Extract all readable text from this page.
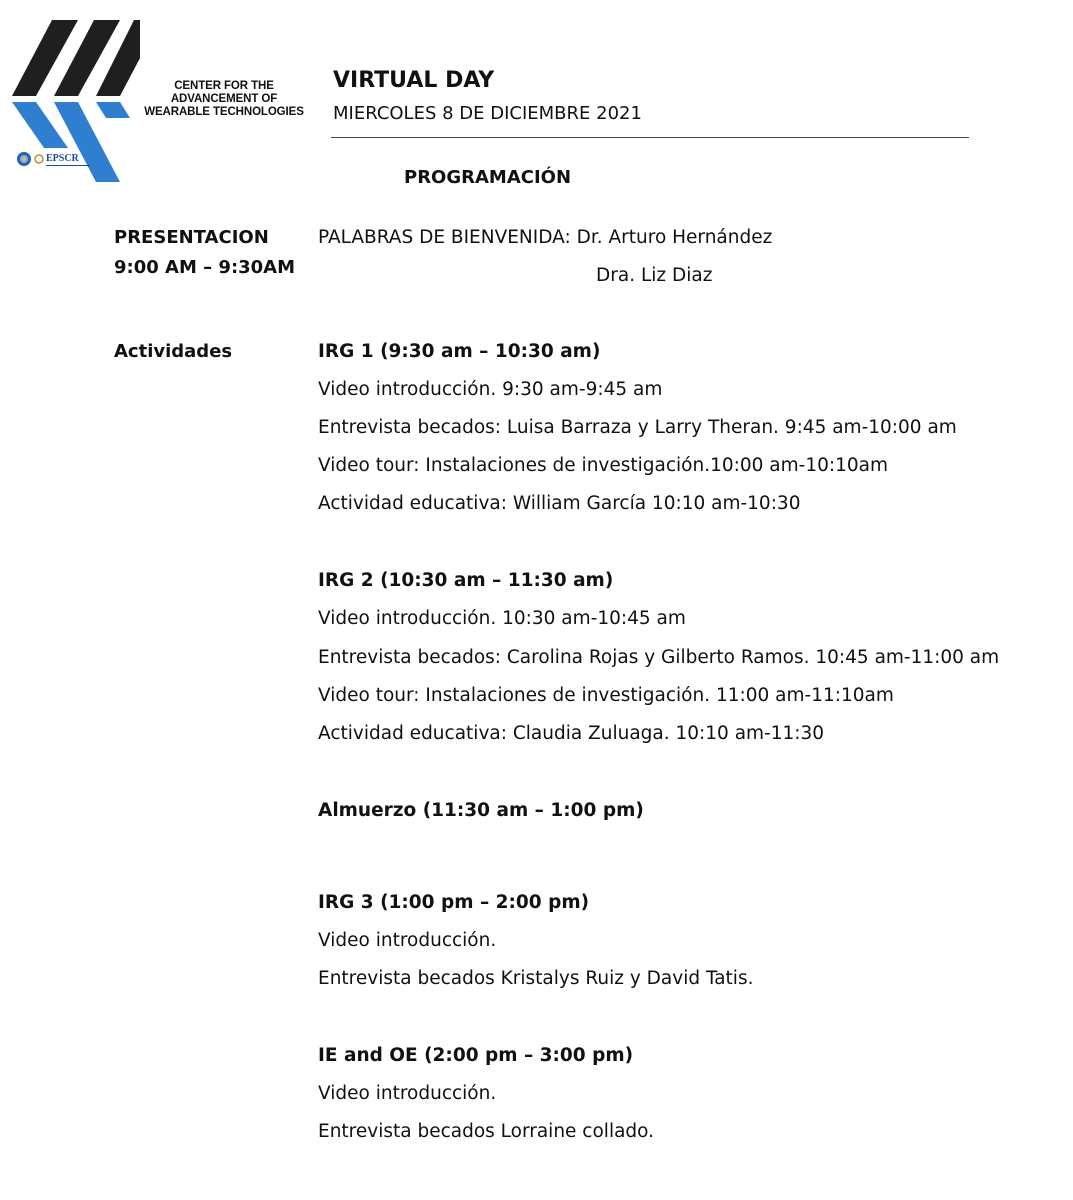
CENTER FOR THE
ADVANCEMENT OF
WEARABLE TECHNOLOGIES
EPSCR
VIRTUAL DAY
MIERCOLES 8 DE DICIEMBRE 2021
PROGRAMACIÓN
PRESENTACION
9:00 AM – 9:30AM
PALABRAS DE BIENVENIDA: Dr. Arturo Hernández
Dra. Liz Diaz
Actividades	IRG 1 (9:30 am – 10:30 am)
Video introducción. 9:30 am-9:45 am
Entrevista becados: Luisa Barraza y Larry Theran. 9:45 am-10:00 am
Video tour: Instalaciones de investigación.10:00 am-10:10am
Actividad educativa: William García 10:10 am-10:30
IRG 2 (10:30 am – 11:30 am)
Video introducción. 10:30 am-10:45 am
Entrevista becados: Carolina Rojas y Gilberto Ramos. 10:45 am-11:00 am
Video tour: Instalaciones de investigación. 11:00 am-11:10am
Actividad educativa: Claudia Zuluaga. 10:10 am-11:30
Almuerzo (11:30 am – 1:00 pm)
IRG 3 (1:00 pm – 2:00 pm)
Video introducción.
Entrevista becados Kristalys Ruiz y David Tatis.
IE and OE (2:00 pm – 3:00 pm)
Video introducción.
Entrevista becados Lorraine collado.
